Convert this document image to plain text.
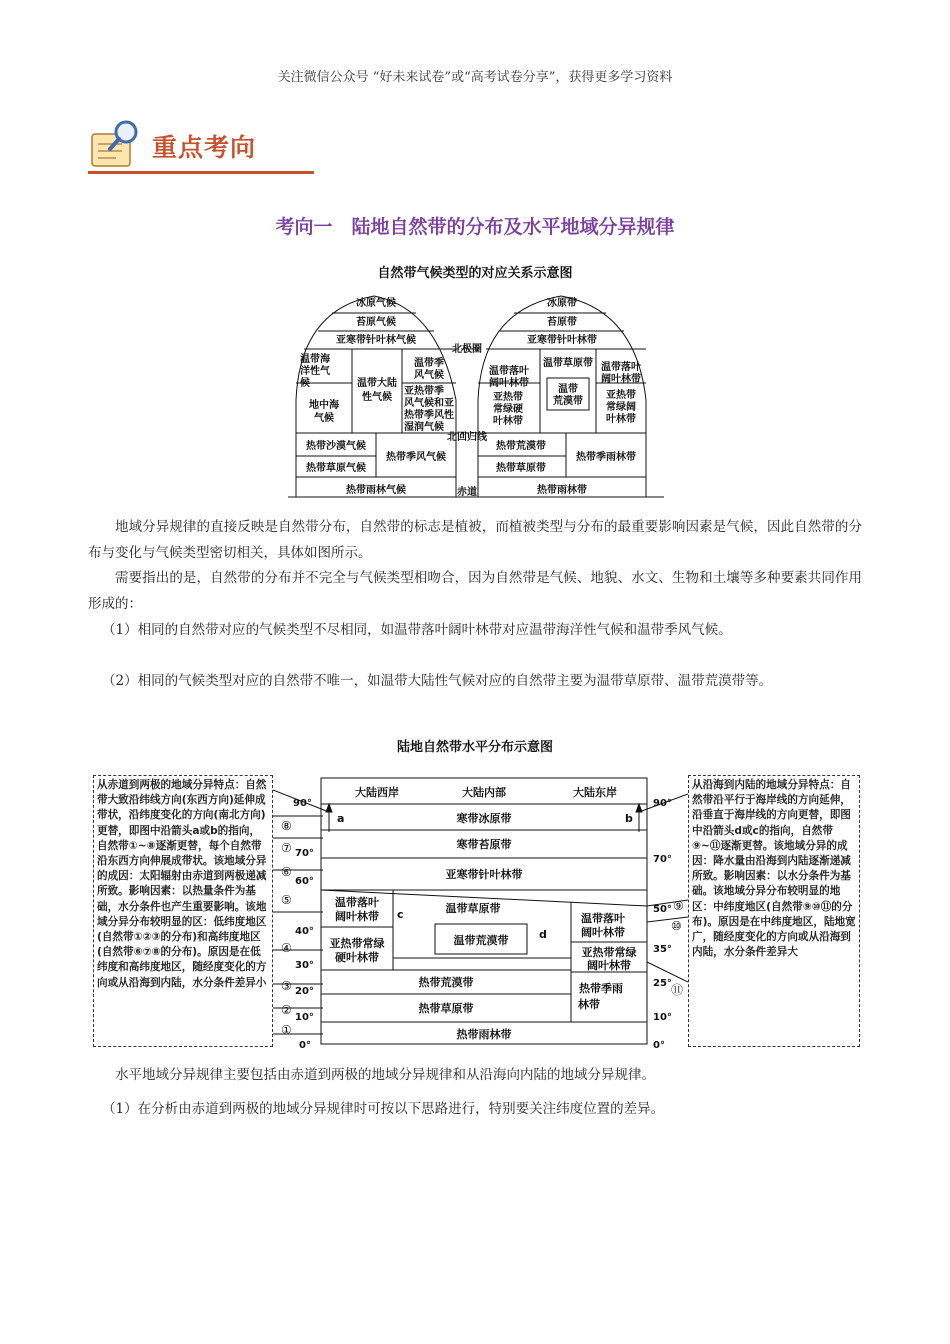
关注微信公众号 “好未来试卷”或“高考试卷分享”，获得更多学习资料
重点考向
考向一　陆地自然带的分布及水平地域分异规律
自然带气候类型的对应关系示意图
冰原气候
苔原气候
亚寒带针叶林气候
温带海
洋性气
候	温带大陆
性气候
温带季
风气候
地中海
气候
亚热带季
风气候和亚
热带季风性
湿润气候
热带沙漠气候
热带草原气候
热带季风气候
热带雨林气候
北极圈
北回归线
赤道
冰原带
苔原带
亚寒带针叶林带
温带落叶
阔叶林带
温带草原带
温带
荒漠带
温带落叶
阔叶林带
亚热带
常绿硬
叶林带
亚热带
常绿阔
叶林带
热带荒漠带
热带草原带
热带季雨林带
热带雨林带
地域分异规律的直接反映是自然带分布，自然带的标志是植被，而植被类型与分布的最重要影响因素是气候，因此自然带的分布与变化与气候类型密切相关，具体如图所示。
需要指出的是，自然带的分布并不完全与气候类型相吻合，因为自然带是气候、地貌、水文、生物和土壤等多种要素共同作用形成的：
（1）相同的自然带对应的气候类型不尽相同，如温带落叶阔叶林带对应温带海洋性气候和温带季风气候。
（2）相同的气候类型对应的自然带不唯一，如温带大陆性气候对应的自然带主要为温带草原带、温带荒漠带等。
陆地自然带水平分布示意图
从赤道到两极的地域分异特点：自然带大致沿纬线方向(东西方向)延伸成带状，沿纬度变化的方向(南北方向)更替，即图中沿箭头a或b的指向，自然带①~⑧逐渐更替，每个自然带沿东西方向伸展成带状。该地域分异的成因：太阳辐射由赤道到两极递减所致。影响因素：以热量条件为基础，水分条件也产生重要影响。该地域分异分布较明显的区：低纬度地区(自然带①②③的分布)和高纬度地区(自然带⑥⑦⑧的分布)。原因是在低纬度和高纬度地区，随经度变化的方向或从沿海到内陆，水分条件差异小
从沿海到内陆的地域分异特点：自然带沿平行于海岸线的方向延伸，沿垂直于海岸线的方向更替，即图中沿箭头d或c的指向，自然带⑨~⑪逐渐更替。该地域分异的成因：降水量由沿海到内陆逐渐递减所致。影响因素：以水分条件为基础。该地域分异分布较明显的地区：中纬度地区(自然带⑨⑩⑪的分布)。原因是在中纬度地区，陆地宽广，随经度变化的方向或从沿海到内陆，水分条件差异大
大陆西岸	大陆内部	大陆东岸
寒带冰原带
寒带苔原带
亚寒带针叶林带
温带落叶
阔叶林带
温带草原带
温带荒漠带
温带落叶
阔叶林带
亚热带常绿
硬叶林带	亚热带常绿
阔叶林带
热带荒漠带
热带草原带
热带季雨
林带
热带雨林带
a	b
c
d
90°
70°
60°
40°
30°
20°
10°
0°
90°
70°
50°
35°
25°
10°
0°
⑧
⑦
⑥
⑤
④
③
②
①
⑨
⑩
⑪
水平地域分异规律主要包括由赤道到两极的地域分异规律和从沿海向内陆的地域分异规律。
（1）在分析由赤道到两极的地域分异规律时可按以下思路进行，特别要关注纬度位置的差异。
